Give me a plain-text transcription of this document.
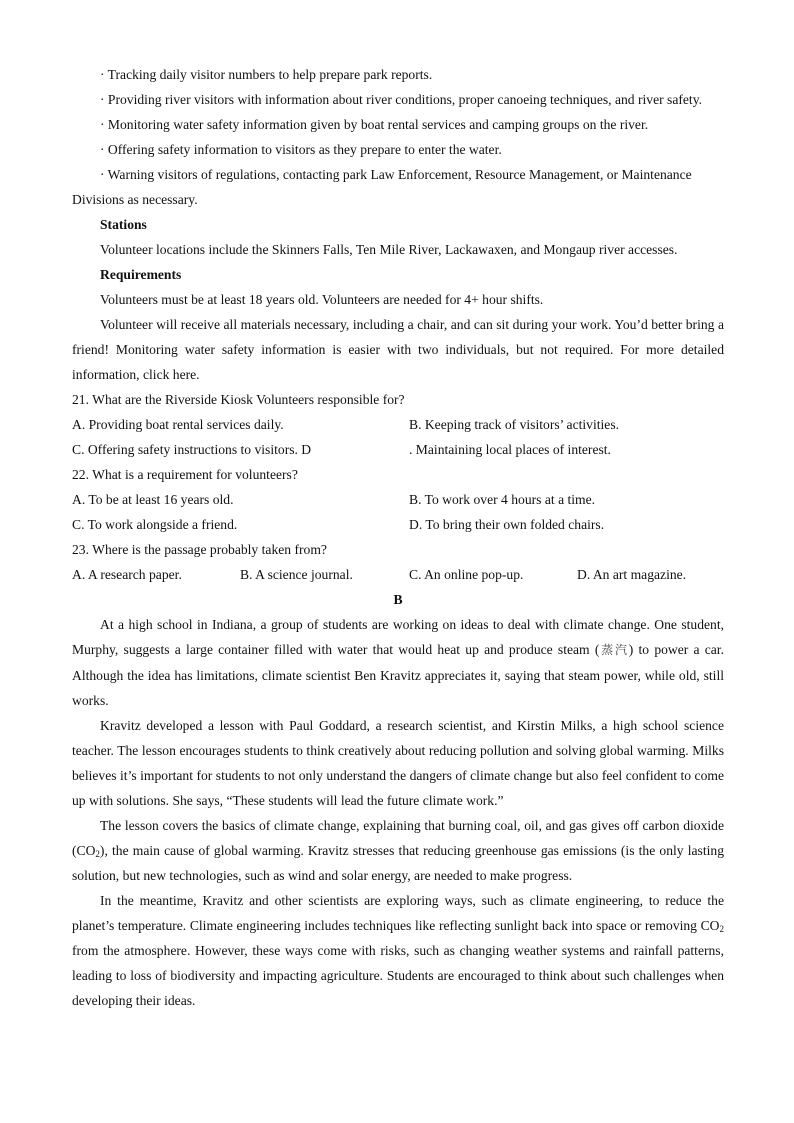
· Tracking daily visitor numbers to help prepare park reports.
· Providing river visitors with information about river conditions, proper canoeing techniques, and river safety.
· Monitoring water safety information given by boat rental services and camping groups on the river.
· Offering safety information to visitors as they prepare to enter the water.
· Warning visitors of regulations, contacting park Law Enforcement, Resource Management, or Maintenance
Divisions as necessary.
Stations
Volunteer locations include the Skinners Falls, Ten Mile River, Lackawaxen, and Mongaup river accesses.
Requirements
Volunteers must be at least 18 years old. Volunteers are needed for 4+ hour shifts.

Volunteer will receive all materials necessary, including a chair, and can sit during your work. You’d better bring a friend! Monitoring water safety information is easier with two individuals, but not required. For more detailed information, click here.

21. What are the Riverside Kiosk Volunteers responsible for?
A. Providing boat rental services daily.	B. Keeping track of visitors’ activities.
C. Offering safety instructions to visitors. D	. Maintaining local places of interest.
22. What is a requirement for volunteers?
A. To be at least 16 years old.	B. To work over 4 hours at a time.
C. To work alongside a friend.	D. To bring their own folded chairs.
23. Where is the passage probably taken from?
A. A research paper.	B. A science journal.	C. An online pop-up.	D. An art magazine.
B

At a high school in Indiana, a group of students are working on ideas to deal with climate change. One student, Murphy, suggests a large container filled with water that would heat up and produce steam (蒸汽) to power a car. Although the idea has limitations, climate scientist Ben Kravitz appreciates it, saying that steam power, while old, still works.

Kravitz developed a lesson with Paul Goddard, a research scientist, and Kirstin Milks, a high school science teacher. The lesson encourages students to think creatively about reducing pollution and solving global warming. Milks believes it’s important for students to not only understand the dangers of climate change but also feel confident to come up with solutions. She says, “These students will lead the future climate work.”

The lesson covers the basics of climate change, explaining that burning coal, oil, and gas gives off carbon dioxide $(CO_2)$, the main cause of global warming. Kravitz stresses that reducing greenhouse gas emissions (is the only lasting solution, but new technologies, such as wind and solar energy, are needed to make progress.

In the meantime, Kravitz and other scientists are exploring ways, such as climate engineering, to reduce the planet’s temperature. Climate engineering includes techniques like reflecting sunlight back into space or removing $CO_2$ from the atmosphere. However, these ways come with risks, such as changing weather systems and rainfall patterns, leading to loss of biodiversity and impacting agriculture. Students are encouraged to think about such challenges when developing their ideas.
